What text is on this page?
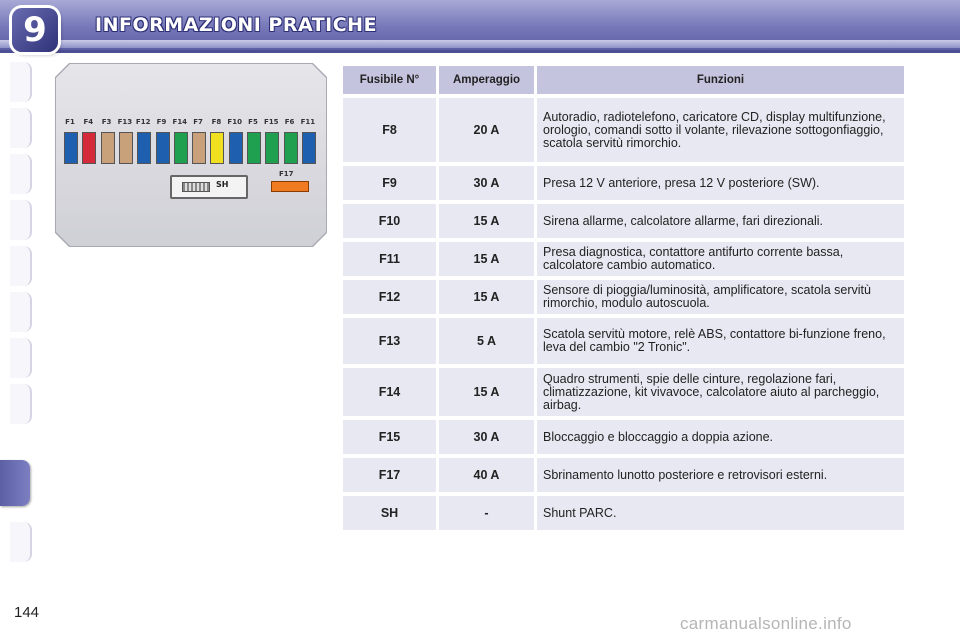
9	INFORMAZIONI PRATICHE
F1	F4	F3 F13 F12 F9 F14 F7	F8 F10 F5 F15 F6 F11
SH
F17
Fusibile N°	Amperaggio	Funzioni
F8	20 A	Autoradio, radiotelefono, caricatore CD, display multifunzione, orologio, comandi sotto il volante, rilevazione sottogonfiaggio, scatola servitù rimorchio.
F9	30 A	Presa 12 V anteriore, presa 12 V posteriore (SW).
F10	15 A	Sirena allarme, calcolatore allarme, fari direzionali.
F11	15 A	Presa diagnostica, contattore antifurto corrente bassa, calcolatore cambio automatico.
F12	15 A	Sensore di pioggia/luminosità, amplificatore, scatola servitù rimorchio, modulo autoscuola.
F13	5 A	Scatola servitù motore, relè ABS, contattore bi-funzione freno, leva del cambio "2 Tronic".
F14	15 A	Quadro strumenti, spie delle cinture, regolazione fari, climatizzazione, kit vivavoce, calcolatore aiuto al parcheggio, airbag.
F15	30 A	Bloccaggio e bloccaggio a doppia azione.
F17	40 A	Sbrinamento lunotto posteriore e retrovisori esterni.
SH	-	Shunt PARC.
144
carmanualsonline.info
